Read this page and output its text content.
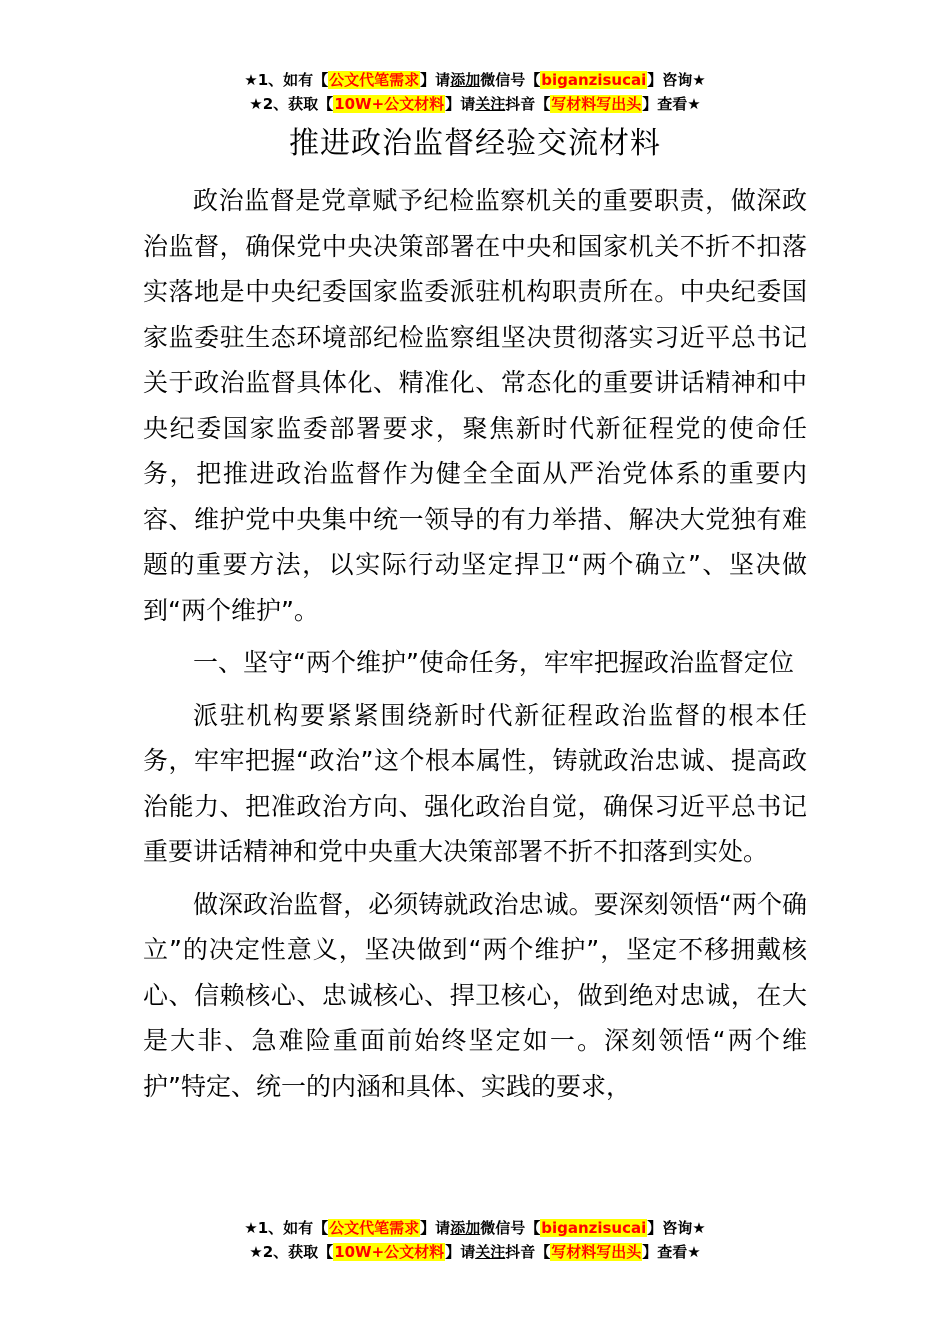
★1、如有【公文代笔需求】请添加微信号【biganzisucai】咨询★
★2、获取【10W+公文材料】请关注抖音【写材料写出头】查看★
推进政治监督经验交流材料

政治监督是党章赋予纪检监察机关的重要职责，做深政治监督，确保党中央决策部署在中央和国家机关不折不扣落实落地是中央纪委国家监委派驻机构职责所在。中央纪委国家监委驻生态环境部纪检监察组坚决贯彻落实习近平总书记关于政治监督具体化、精准化、常态化的重要讲话精神和中央纪委国家监委部署要求，聚焦新时代新征程党的使命任务，把推进政治监督作为健全全面从严治党体系的重要内容、维护党中央集中统一领导的有力举措、解决大党独有难题的重要方法，以实际行动坚定捍卫“两个确立”、坚决做到“两个维护”。

一、坚守“两个维护”使命任务，牢牢把握政治监督定位

派驻机构要紧紧围绕新时代新征程政治监督的根本任务，牢牢把握“政治”这个根本属性，铸就政治忠诚、提高政治能力、把准政治方向、强化政治自觉，确保习近平总书记重要讲话精神和党中央重大决策部署不折不扣落到实处。

做深政治监督，必须铸就政治忠诚。要深刻领悟“两个确立”的决定性意义，坚决做到“两个维护”，坚定不移拥戴核心、信赖核心、忠诚核心、捍卫核心，做到绝对忠诚，在大是大非、急难险重面前始终坚定如一。深刻领悟“两个维护”特定、统一的内涵和具体、实践的要求，

★1、如有【公文代笔需求】请添加微信号【biganzisucai】咨询★
★2、获取【10W+公文材料】请关注抖音【写材料写出头】查看★
